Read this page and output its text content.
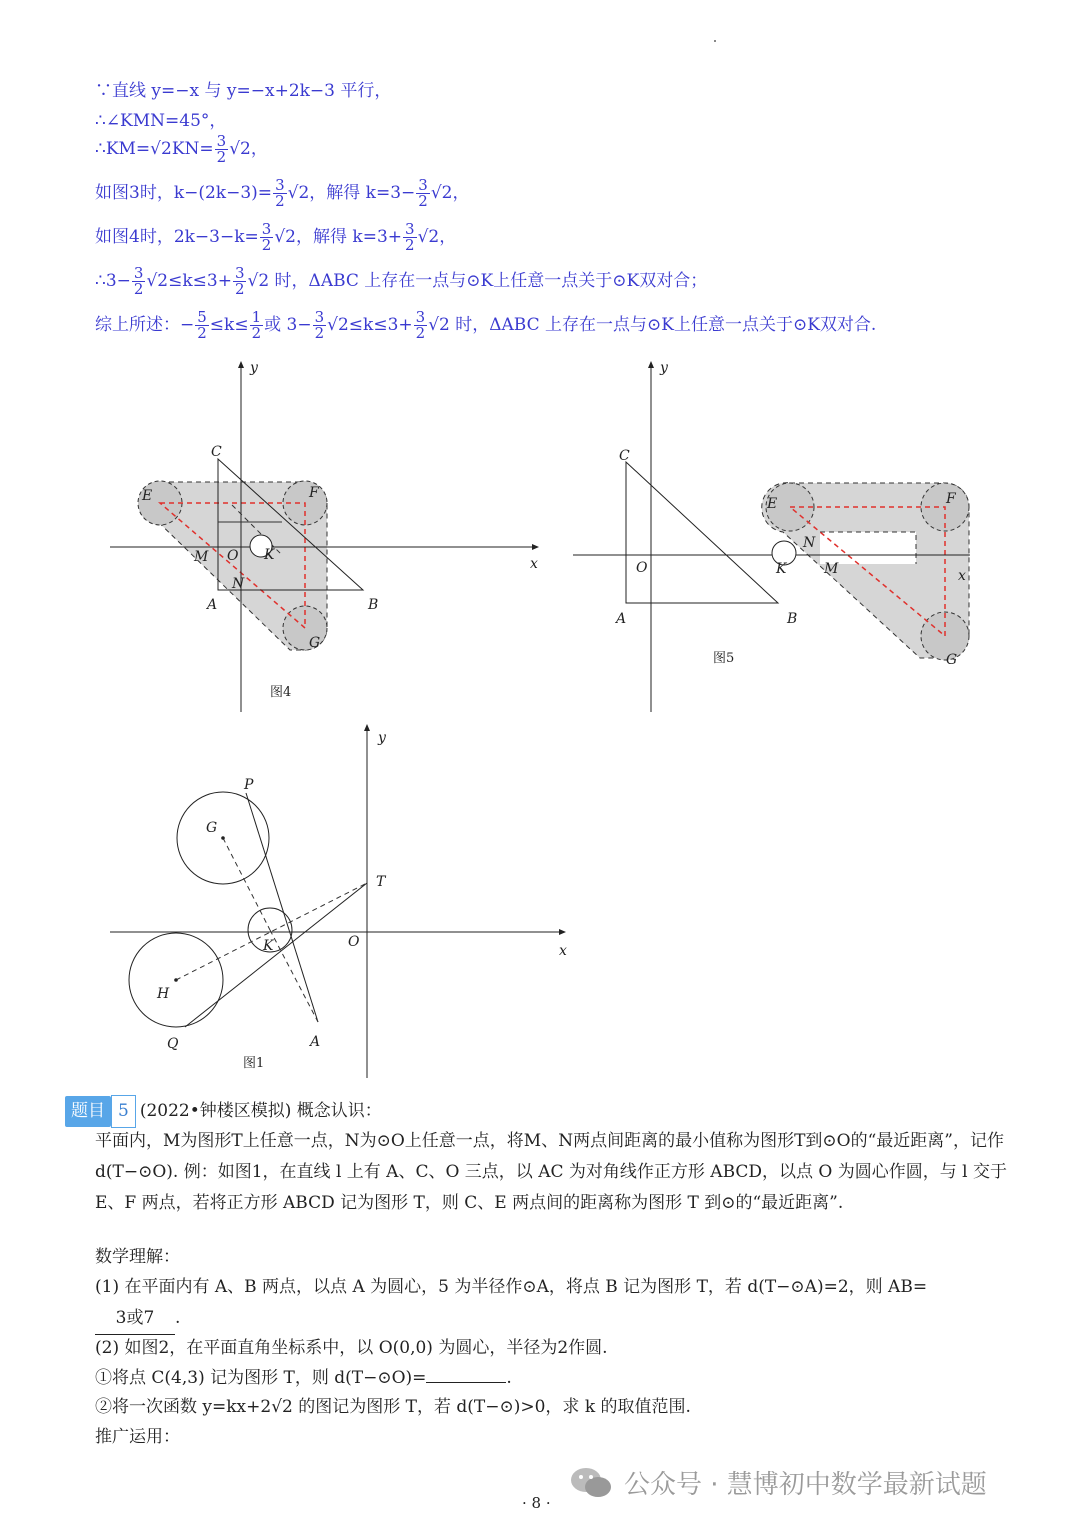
∵直线 y=−x 与 y=−x+2k−3 平行，
∴∠KMN=45°，
∴KM=√2KN= $\frac{3}{2} √2$，
如图3时，$k-(2k-3)= \frac{3}{2} √2$，解得 $k=3- \frac{3}{2} √2$，
如图4时，$2k-3-k= \frac{3}{2} √2$，解得 $k=3+ \frac{3}{2} √2$，
∴3− $\frac{3}{2} √2\le k\le 3+ \frac{3}{2} √2$ 时，ΔABC 上存在一点与⊙K上任意一点关于⊙K双对合；
综上所述：− $\frac{5}{2} \le k\le \frac{1}{2}$ 或 $3- \frac{3}{2} √2\le k\le 3+ \frac{3}{2} √2$ 时，ΔABC 上存在一点与⊙K上任意一点关于⊙K双对合.
y
x
C
E	F
M O K
N
A	B
G
图4
y
x
C
E	F
N
O	K	M
A	B
G
图5
y
x
P
G
T
O
K
H
Q	A
图1
题目 5 (2022•钟楼区模拟) 概念认识：
平面内，M为图形T上任意一点，N为⊙O上任意一点，将M、N两点间距离的最小值称为图形T到⊙O的“最近距离”，记作 d(T−⊙O). 例：如图1，在直线 l 上有 A、C、O 三点，以 AC 为对角线作正方形 ABCD，以点 O 为圆心作圆，与 l 交于 E、F 两点，若将正方形 ABCD 记为图形 T，则 C、E 两点间的距离称为图形 T 到⊙的“最近距离”.
数学理解：
(1) 在平面内有 A、B 两点，以点 A 为圆心，5 为半径作⊙A，将点 B 记为图形 T，若 d(T−⊙A)=2，则 AB=
3或7 .
(2) 如图2，在平面直角坐标系中，以 O(0,0) 为圆心，半径为2作圆.
①将点 C(4,3) 记为图形 T，则 d(T−⊙O)=	.
②将一次函数 y=kx+2√2 的图记为图形 T，若 d(T−⊙)>0，求 k 的取值范围.
推广运用：
公众号 · 慧博初中数学最新试题
· 8 ·
